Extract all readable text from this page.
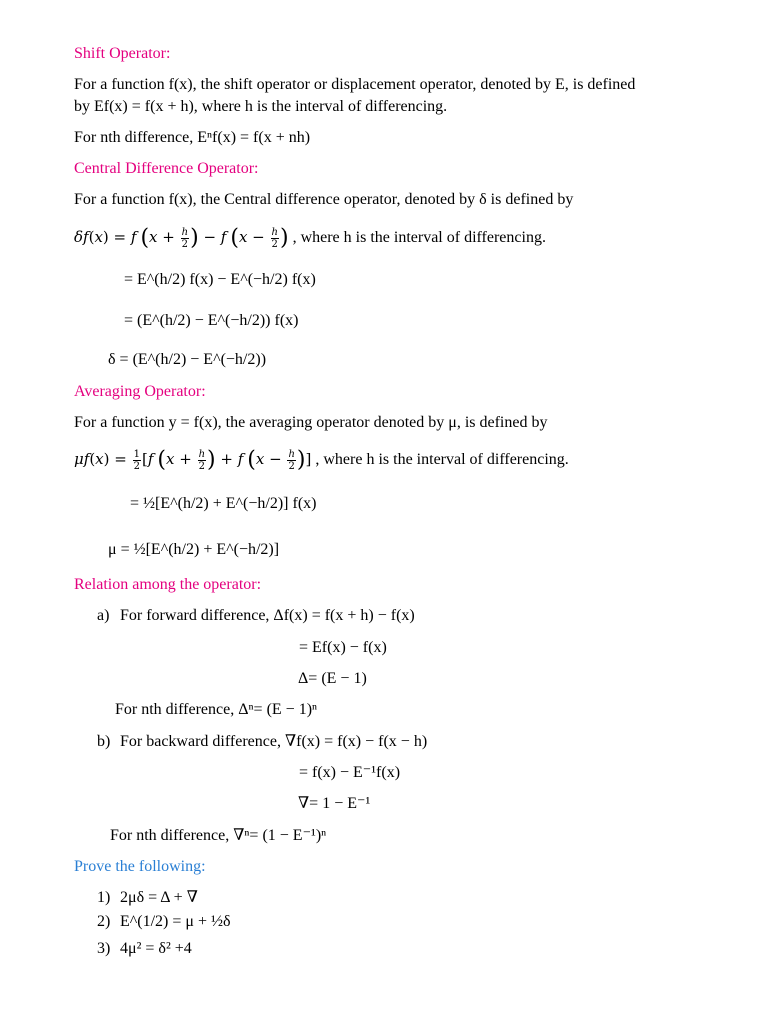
Shift Operator:
For a function f(x), the shift operator or displacement operator, denoted by E, is defined
by Ef(x) = f(x + h), where h is the interval of differencing.
For nth difference, Eⁿf(x) = f(x + nh)
Central Difference Operator:
For a function f(x), the Central difference operator, denoted by δ is defined by
δf(x) = f ($x + \frac{h}{2}$ ) − f ($x - \frac{h}{2}$ ) , where h is the interval of differencing.
= E^(h/2) f(x) − E^(−h/2) f(x)
= (E^(h/2) − E^(−h/2)) f(x)
δ = (E^(h/2) − E^(−h/2))
Averaging Operator:
For a function y = f(x), the averaging operator denoted by μ, is defined by
$\mu f(x) = \frac{1}{2} [f$ ($x + \frac{h}{2}$ ) + f ($x - \frac{h}{2}$ )] , where h is the interval of differencing.
= ½[E^(h/2) + E^(−h/2)] f(x)
μ = ½[E^(h/2) + E^(−h/2)]
Relation among the operator:
a) For forward difference, Δf(x) = f(x + h) − f(x)
= Ef(x) − f(x)
Δ= (E − 1)
For nth difference, Δⁿ= (E − 1)ⁿ
b) For backward difference, ∇f(x) = f(x) − f(x − h)
= f(x) − E⁻¹f(x)
∇= 1 − E⁻¹
For nth difference, ∇ⁿ= (1 − E⁻¹)ⁿ
Prove the following:
1) 2μδ = Δ + ∇
2) E^(1/2) = μ + ½δ
3) 4μ² = δ² +4
